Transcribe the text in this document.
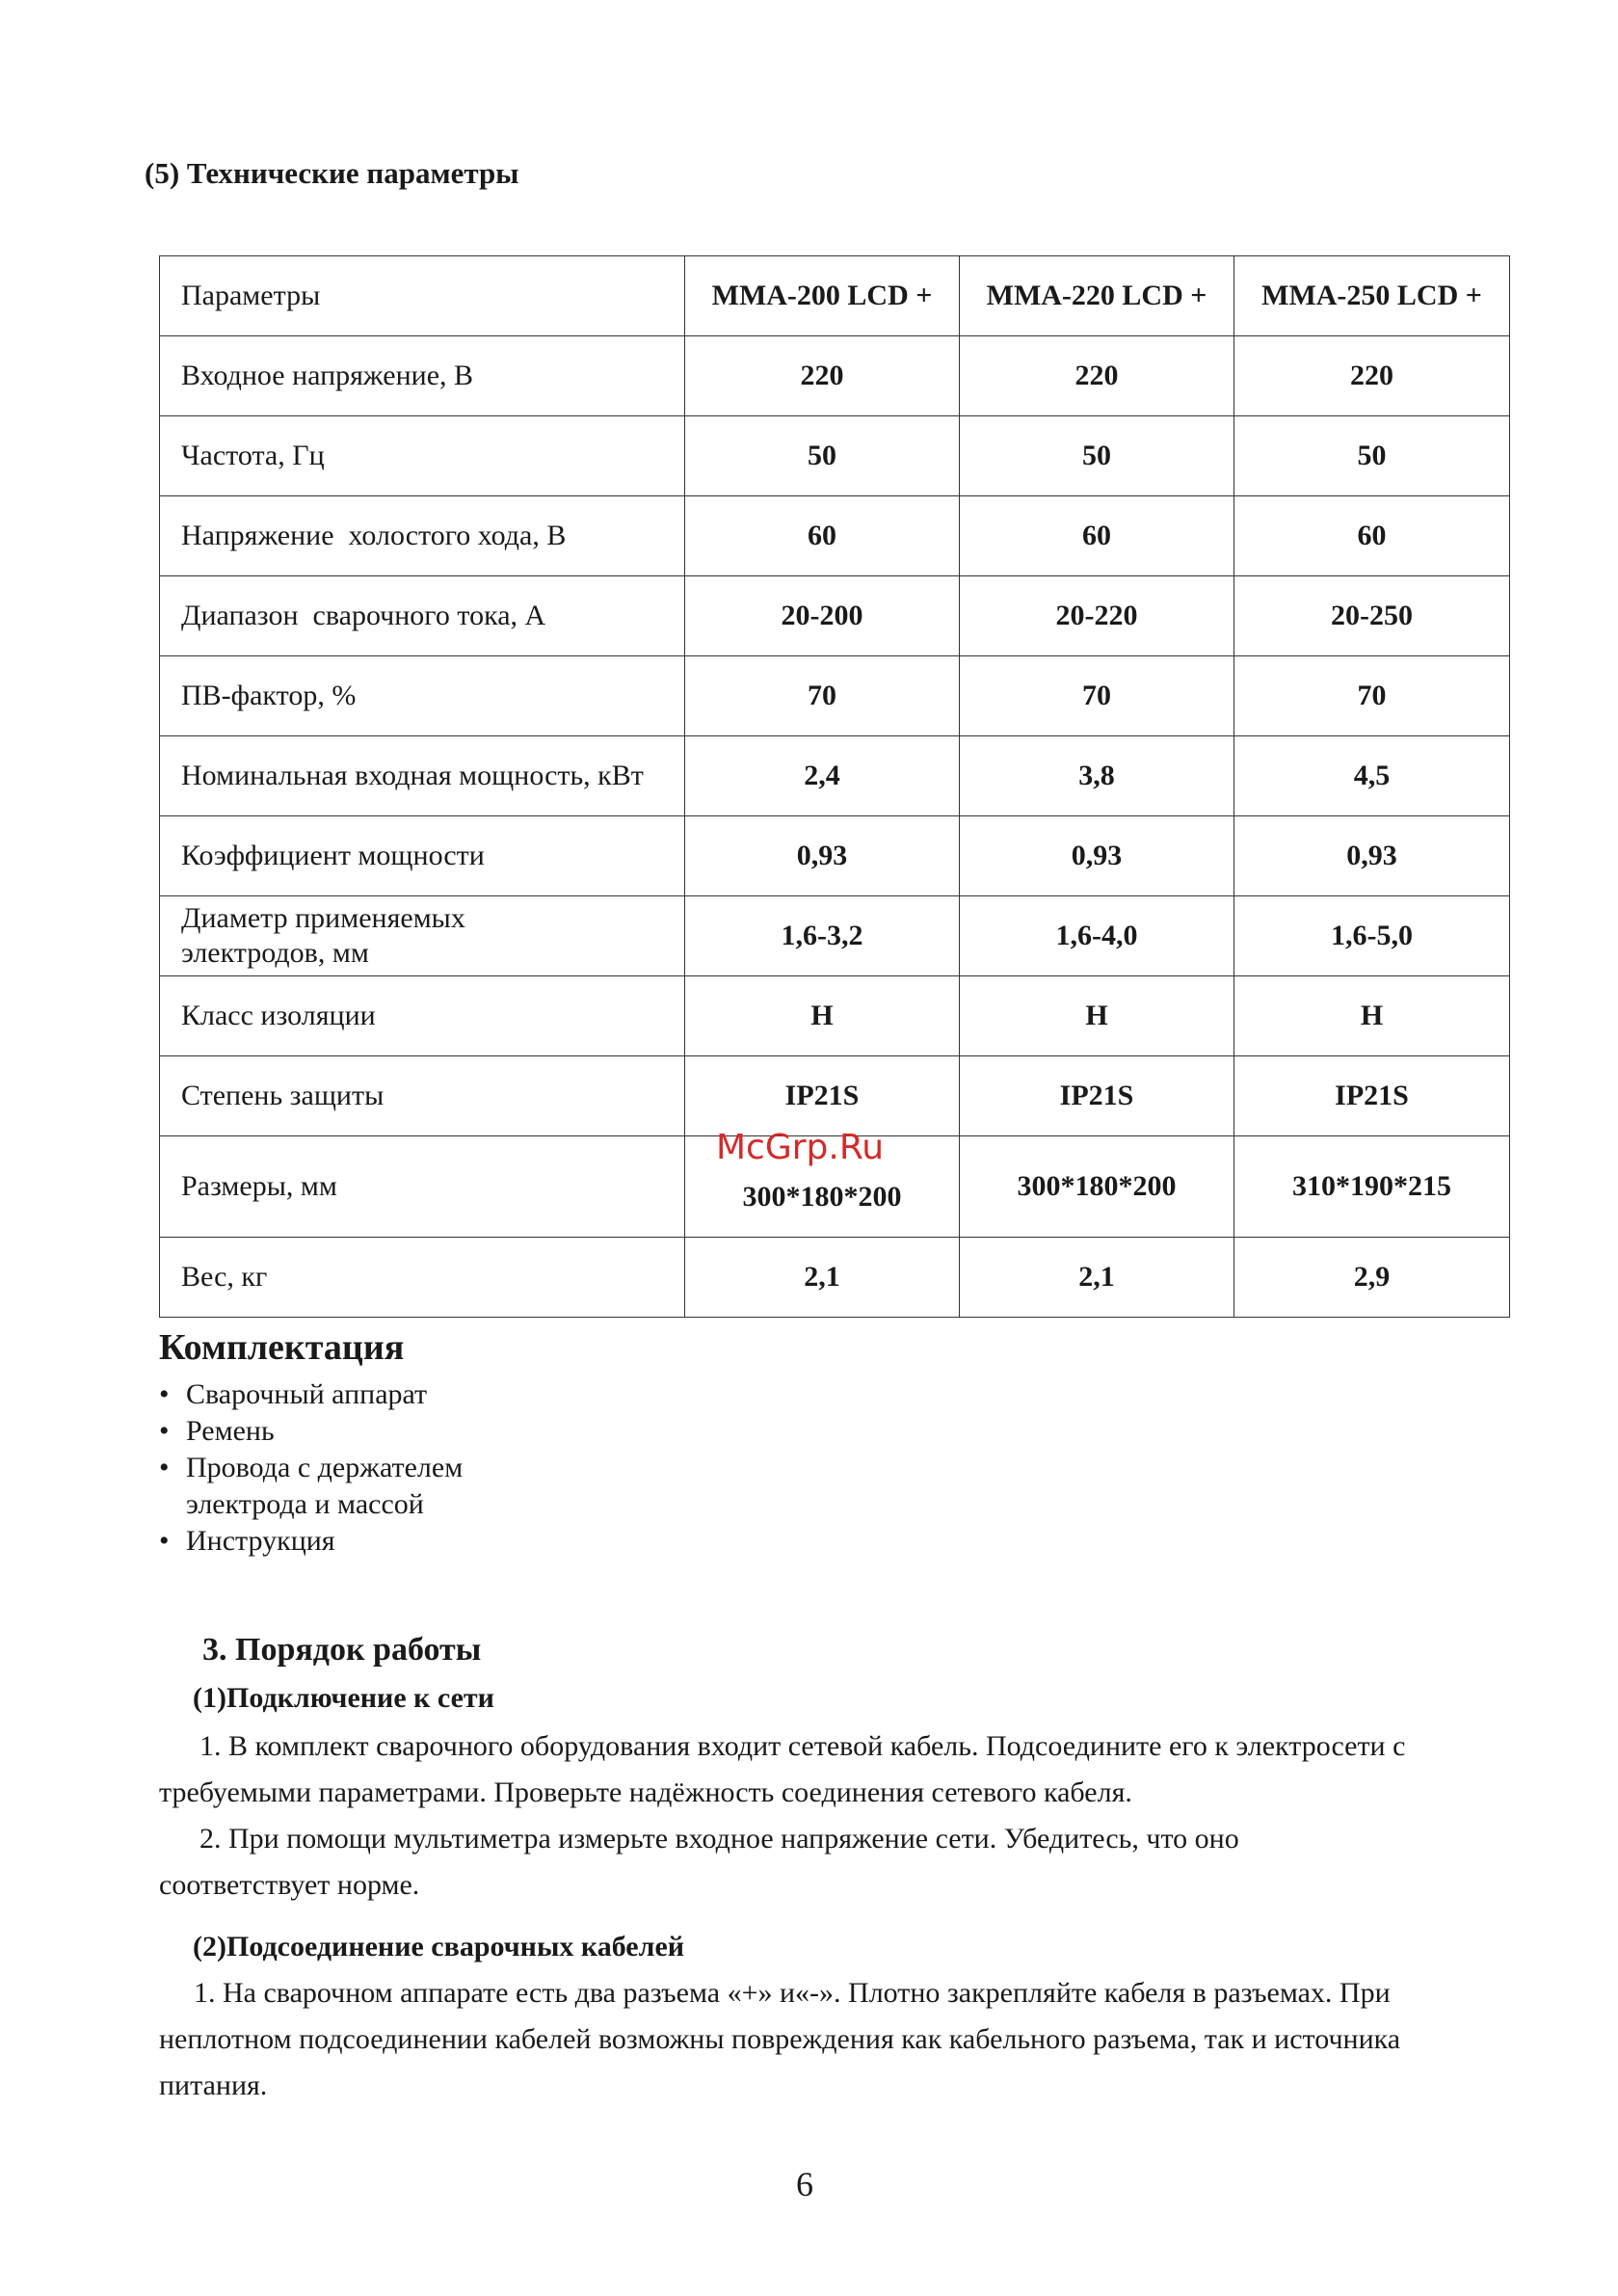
(5) Технические параметры
Параметры	MMA-200 LCD +	MMA-220 LCD +	MMA-250 LCD +
Входное напряжение, В	220	220	220
Частота, Гц	50	50	50
Напряжение  холостого хода, В	60	60	60
Диапазон  сварочного тока, А	20-200	20-220	20-250
ПВ-фактор, %	70	70	70
Номинальная входная мощность, кВт	2,4	3,8	4,5
Коэффициент мощности	0,93	0,93	0,93

Диаметр применяемых
электродов, мм	1,6-3,2	1,6-4,0	1,6-5,0
Класс изоляции	H	H	H
Степень защиты	IP21S	IP21S	IP21S
Размеры, мм	300*180*200	300*180*200	310*190*215
Вес, кг	2,1	2,1	2,9
McGrp.Ru
Комплектация
• Сварочный аппарат
• Ремень
• Провода с держателем
электрода и массой
• Инструкция
3. Порядок работы
(1)Подключение к сети
1. В комплект сварочного оборудования входит сетевой кабель. Подсоедините его к электросети с требуемыми параметрами. Проверьте надёжность соединения сетевого кабеля.
2. При помощи мультиметра измерьте входное напряжение сети. Убедитесь, что оно соответствует норме.
(2)Подсоединение сварочных кабелей
1. На сварочном аппарате есть два разъема «+» и«-». Плотно закрепляйте кабеля в разъемах. При неплотном подсоединении кабелей возможны повреждения как кабельного разъема, так и источника питания.
6
